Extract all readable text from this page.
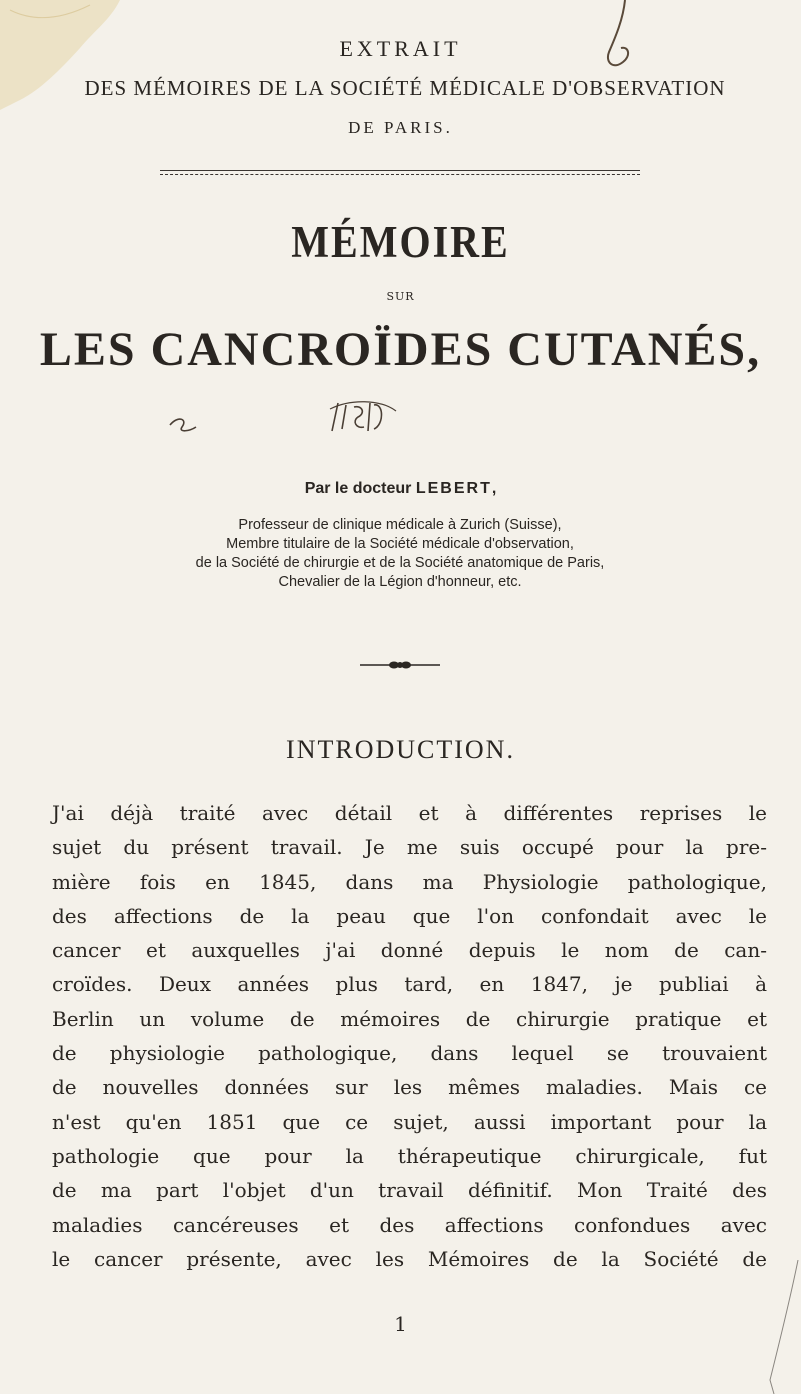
EXTRAIT
DES MÉMOIRES DE LA SOCIÉTÉ MÉDICALE D'OBSERVATION
DE PARIS.
MÉMOIRE
SUR
LES CANCROÏDES CUTANÉS,
Par le docteur LEBERT,
Professeur de clinique médicale à Zurich (Suisse),
Membre titulaire de la Société médicale d'observation,
de la Société de chirurgie et de la Société anatomique de Paris,
Chevalier de la Légion d'honneur, etc.
INTRODUCTION.
J'ai déjà traité avec détail et à différentes reprises le
sujet du présent travail. Je me suis occupé pour la pre-
mière fois en 1845, dans ma Physiologie pathologique,
des affections de la peau que l'on confondait avec le
cancer et auxquelles j'ai donné depuis le nom de can-
croïdes. Deux années plus tard, en 1847, je publiai à
Berlin un volume de mémoires de chirurgie pratique et
de physiologie pathologique, dans lequel se trouvaient
de nouvelles données sur les mêmes maladies. Mais ce
n'est qu'en 1851 que ce sujet, aussi important pour la
pathologie que pour la thérapeutique chirurgicale, fut
de ma part l'objet d'un travail définitif. Mon Traité des
maladies cancéreuses et des affections confondues avec
le cancer présente, avec les Mémoires de la Société de
1
